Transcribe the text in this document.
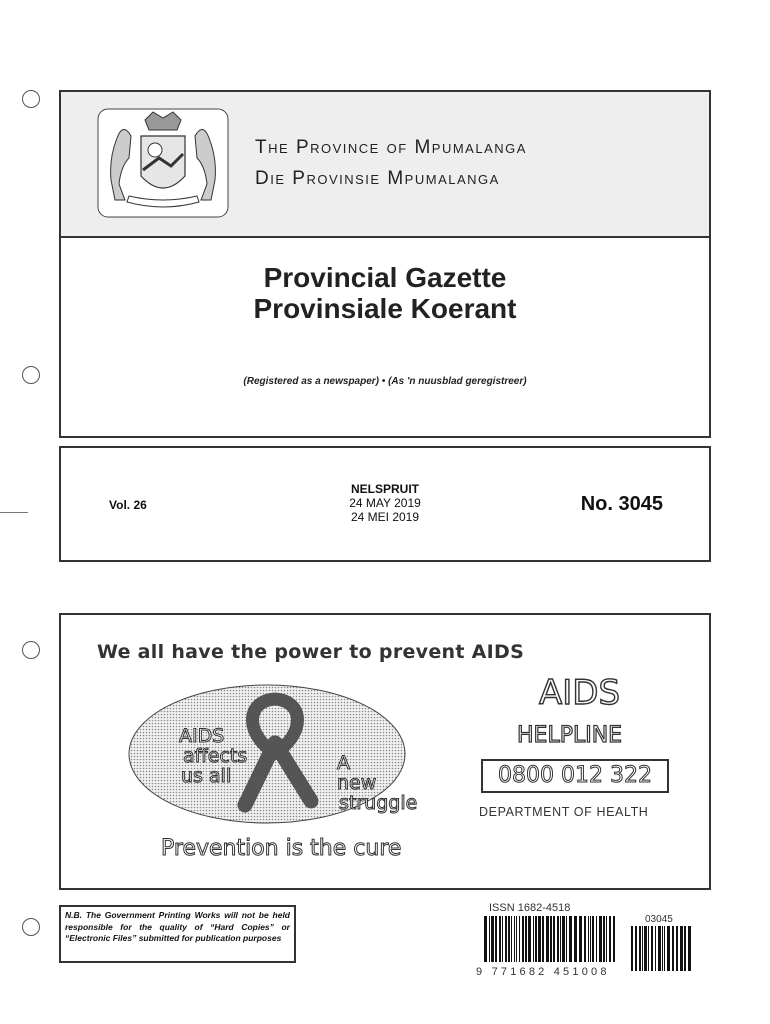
The Province of Mpumalanga
Die Provinsie Mpumalanga
Provincial Gazette
Provinsiale Koerant
(Registered as a newspaper) • (As 'n nuusblad geregistreer)
Vol. 26
NELSPRUIT
24 MAY 2019
24 MEI 2019
No. 3045
We all have the power to prevent AIDS
AIDS
affects
us all
A
new
struggle
Prevention is the cure
AIDS
HELPLINE
0800 012 322
DEPARTMENT OF HEALTH
N.B. The Government Printing Works will not be held responsible for the quality of “Hard Copies” or “Electronic Files” submitted for publication purposes
ISSN 1682-4518
9 771682 451008
03045
